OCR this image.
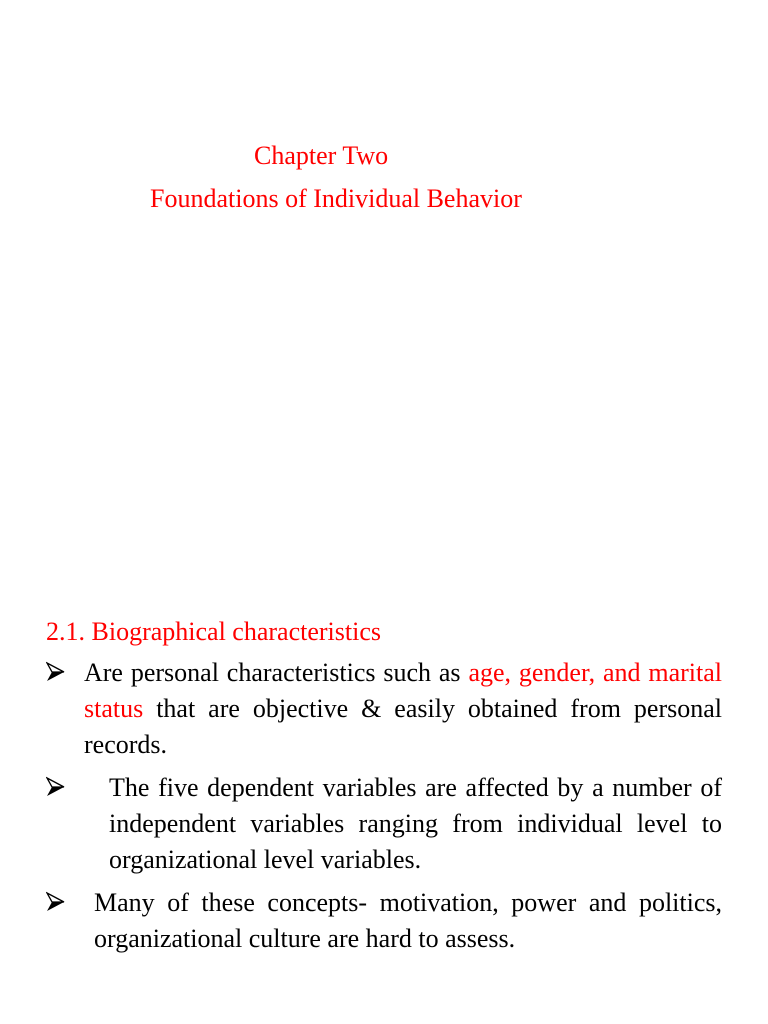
Chapter Two
Foundations of Individual Behavior
2.1. Biographical characteristics
Are personal characteristics such as age, gender, and marital status that are objective & easily obtained from personal records.
The five dependent variables are affected by a number of independent variables ranging from individual level to organizational level variables.
Many of these concepts- motivation, power and politics, organizational culture are hard to assess.
